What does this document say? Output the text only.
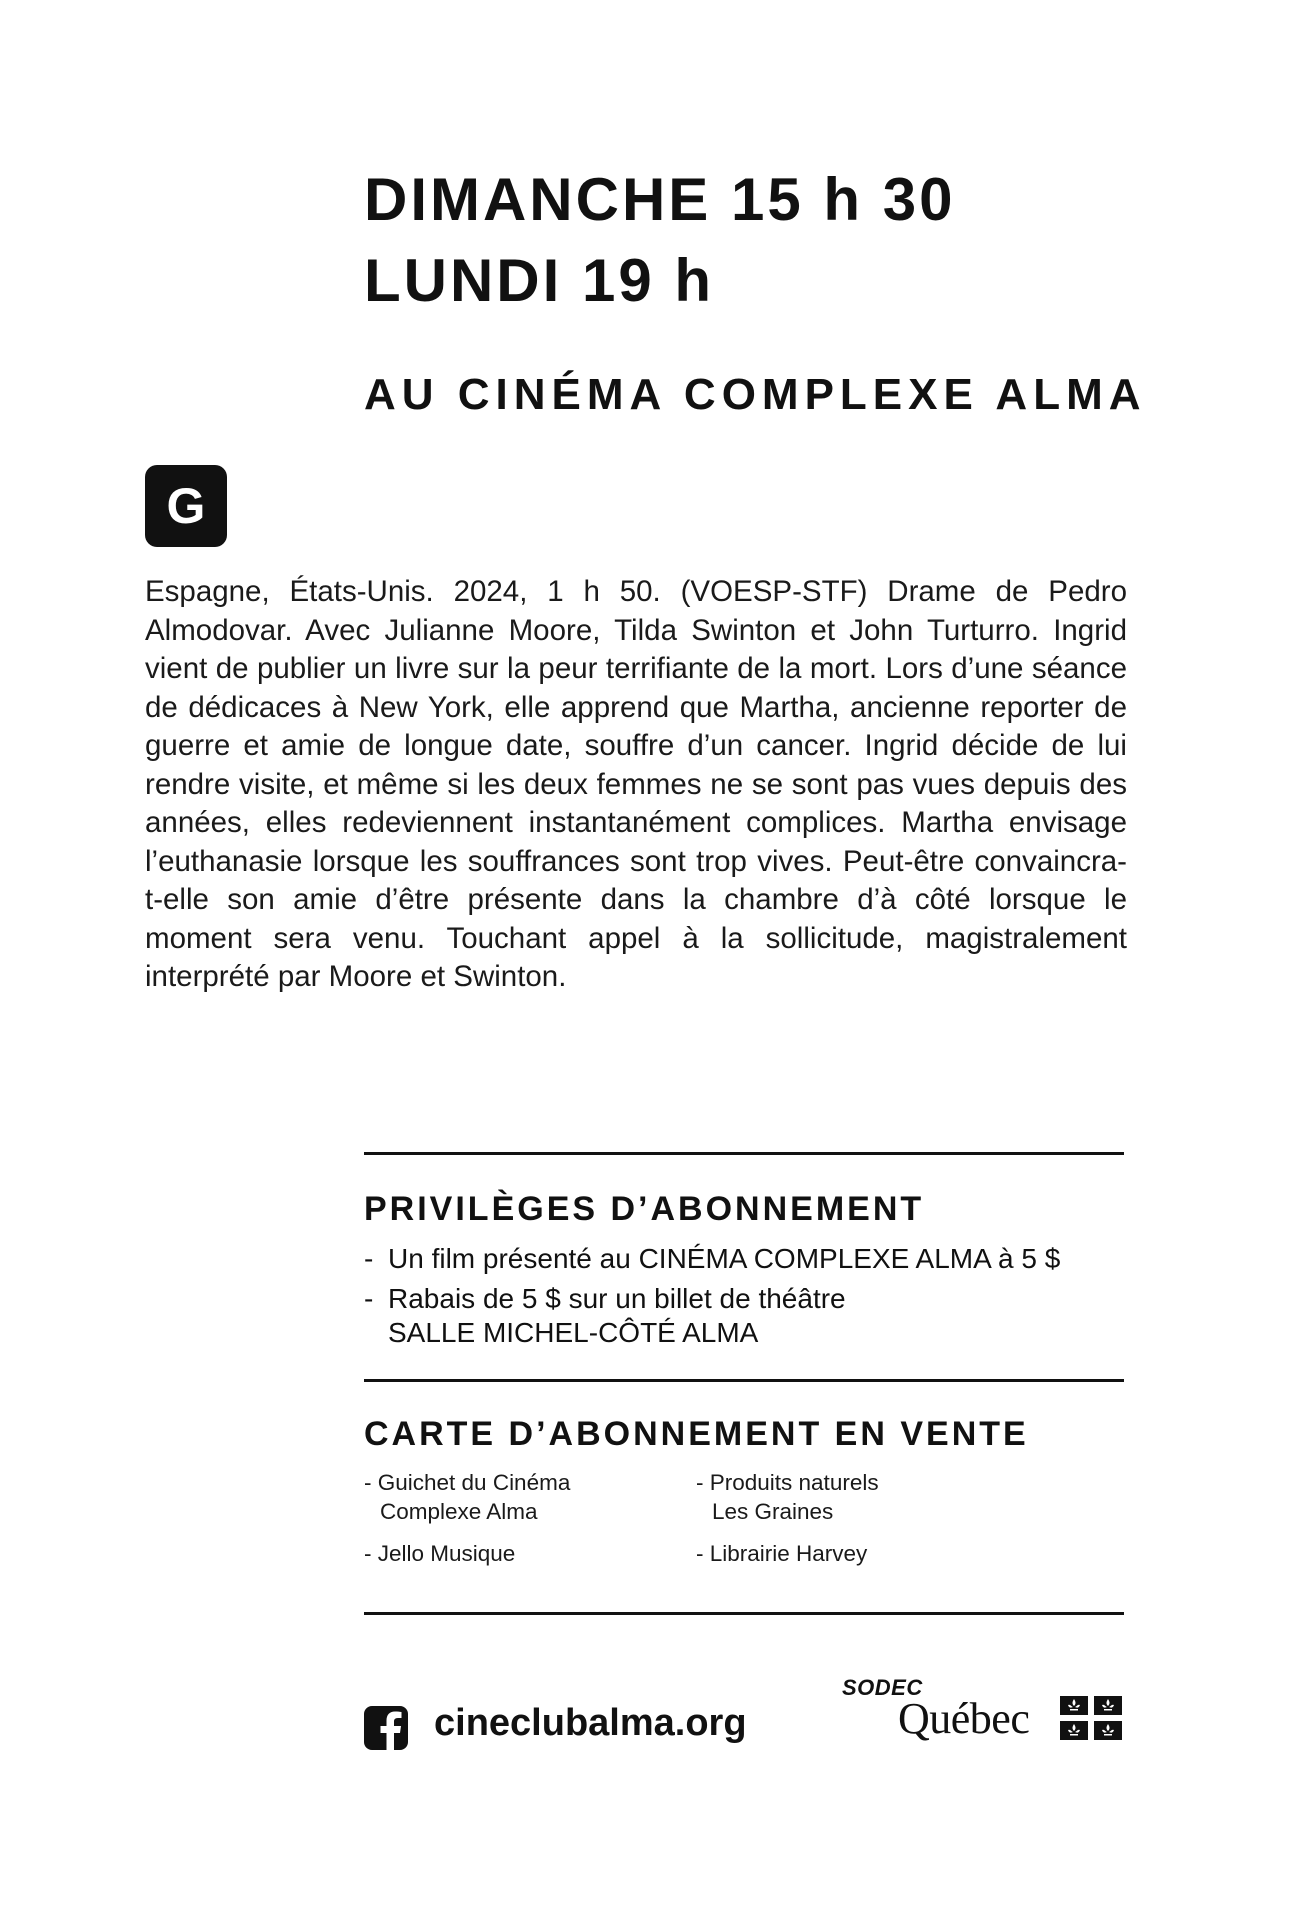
DIMANCHE 15 h 30
LUNDI 19 h
AU CINÉMA COMPLEXE ALMA
G

Espagne, États-Unis. 2024, 1 h 50. (VOESP-STF) Drame de Pedro Almodovar. Avec Julianne Moore, Tilda Swinton et John Turturro. Ingrid vient de publier un livre sur la peur terrifiante de la mort. Lors d’une séance de dédicaces à New York, elle apprend que Martha, ancienne reporter de guerre et amie de longue date, souffre d’un cancer. Ingrid décide de lui rendre visite, et même si les deux femmes ne se sont pas vues depuis des années, elles redeviennent instantanément complices. Martha envisage l’euthanasie lorsque les souffrances sont trop vives. Peut-être convaincra-t-elle son amie d’être présente dans la chambre d’à côté lorsque le moment sera venu. Touchant appel à la sollicitude, magistralement interprété par Moore et Swinton.

PRIVILÈGES D’ABONNEMENT
- Un film présenté au CINÉMA COMPLEXE ALMA à 5 $
- Rabais de 5 $ sur un billet de théâtre
SALLE MICHEL-CÔTÉ ALMA
CARTE D’ABONNEMENT EN VENTE
- Guichet du Cinéma
Complexe Alma
- Produits naturels
Les Graines
- Jello Musique	- Librairie Harvey
cineclubalma.org
SODEC
Québec
